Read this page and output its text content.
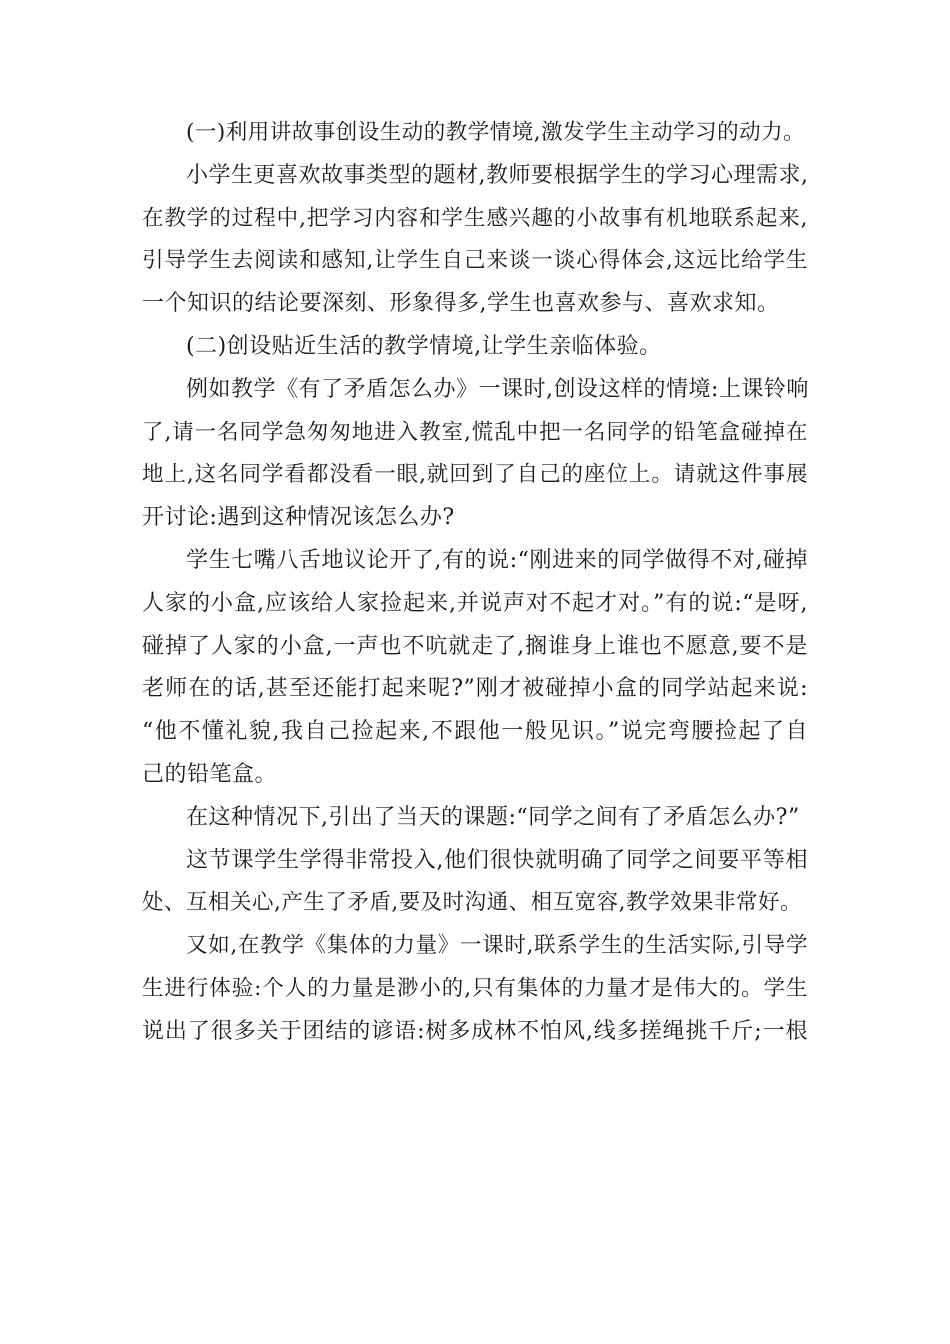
(一)利用讲故事创设生动的教学情境,激发学生主动学习的动力。
小学生更喜欢故事类型的题材,教师要根据学生的学习心理需求,
在教学的过程中,把学习内容和学生感兴趣的小故事有机地联系起来,
引导学生去阅读和感知,让学生自己来谈一谈心得体会,这远比给学生
一个知识的结论要深刻、形象得多,学生也喜欢参与、喜欢求知。
(二)创设贴近生活的教学情境,让学生亲临体验。
例如教学《有了矛盾怎么办》一课时,创设这样的情境:上课铃响
了,请一名同学急匆匆地进入教室,慌乱中把一名同学的铅笔盒碰掉在
地上,这名同学看都没看一眼,就回到了自己的座位上。请就这件事展
开讨论:遇到这种情况该怎么办?
学生七嘴八舌地议论开了,有的说:“刚进来的同学做得不对,碰掉
人家的小盒,应该给人家捡起来,并说声对不起才对。”有的说:“是呀,
碰掉了人家的小盒,一声也不吭就走了,搁谁身上谁也不愿意,要不是
老师在的话,甚至还能打起来呢?”刚才被碰掉小盒的同学站起来说:
“他不懂礼貌,我自己捡起来,不跟他一般见识。”说完弯腰捡起了自
己的铅笔盒。
在这种情况下,引出了当天的课题:“同学之间有了矛盾怎么办?”
这节课学生学得非常投入,他们很快就明确了同学之间要平等相
处、互相关心,产生了矛盾,要及时沟通、相互宽容,教学效果非常好。
又如,在教学《集体的力量》一课时,联系学生的生活实际,引导学
生进行体验:个人的力量是渺小的,只有集体的力量才是伟大的。学生
说出了很多关于团结的谚语:树多成林不怕风,线多搓绳挑千斤;一根
